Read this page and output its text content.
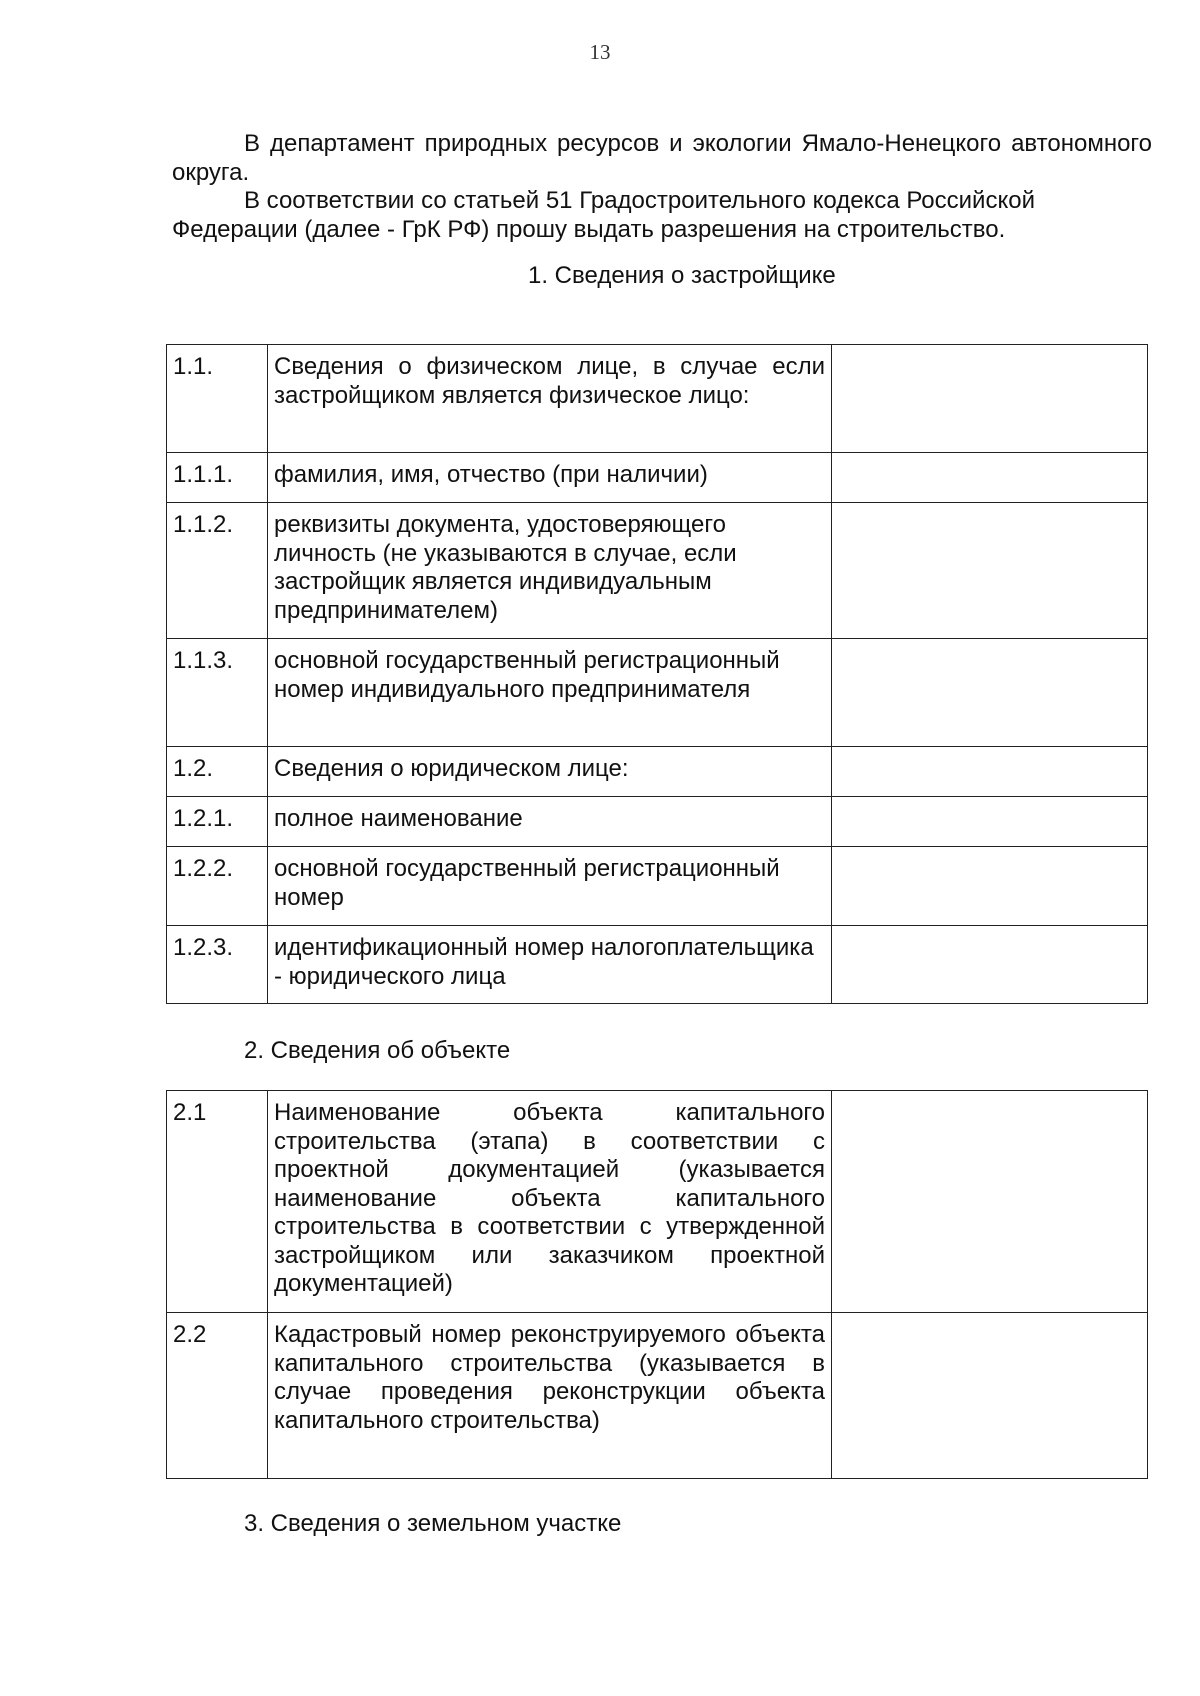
13

В департамент природных ресурсов и экологии Ямало-Ненецкого автономного округа.

В соответствии со статьей 51 Градостроительного кодекса Российской Федерации (далее - ГрК РФ) прошу выдать разрешения на строительство.

1. Сведения о застройщике
1.1.	Сведения о физическом лице, в случае если застройщиком является физическое лицо:	
1.1.1.	фамилия, имя, отчество (при наличии)	
1.1.2.	реквизиты документа, удостоверяющего личность (не указываются в случае, если застройщик является индивидуальным предпринимателем)	
1.1.3.	основной государственный регистрационный номер индивидуального предпринимателя	
1.2.	Сведения о юридическом лице:	
1.2.1.	полное наименование	
1.2.2.	основной государственный регистрационный номер	
1.2.3.	идентификационный номер налогоплательщика - юридического лица	
2. Сведения об объекте
2.1	Наименование объекта капитального строительства (этапа) в соответствии с проектной документацией (указывается наименование объекта капитального строительства в соответствии с утвержденной застройщиком или заказчиком проектной документацией)	
2.2	Кадастровый номер реконструируемого объекта капитального строительства (указывается в случае проведения реконструкции объекта капитального строительства)	
3. Сведения о земельном участке
